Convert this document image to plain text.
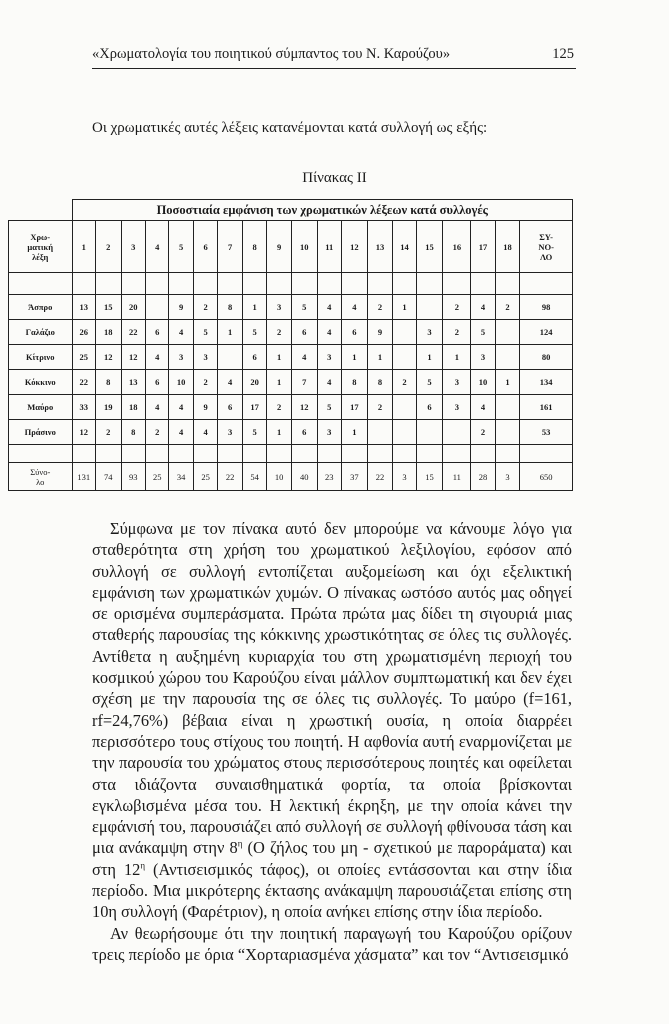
«Χρωματολογία του ποιητικού σύμπαντος του Ν. Καρούζου»	125
Οι χρωματικές αυτές λέξεις κατανέμονται κατά συλλογή ως εξής:
Πίνακας II
	Ποσοστιαία εμφάνιση των χρωματικών λέξεων κατά συλλογές																		
Χρω-
ματική
λέξη	1	2	3	4	5	6	7	8	9	10	11	12	13	14	15	16	17	18	ΣΥ-
ΝΟ-
ΛΟ

Άσπρο	13	15	20		9	2	8	1	3	5	4	4	2	1		2	4	2	98
Γαλάζιο	26	18	22	6	4	5	1	5	2	6	4	6	9		3	2	5		124
Κίτρινο	25	12	12	4	3	3		6	1	4	3	1	1		1	1	3		80
Κόκκινο	22	8	13	6	10	2	4	20	1	7	4	8	8	2	5	3	10	1	134
Μαύρο	33	19	18	4	4	9	6	17	2	12	5	17	2		6	3	4		161
Πράσινο	12	2	8	2	4	4	3	5	1	6	3	1					2		53

Σύνο-
λο	131	74	93	25	34	25	22	54	10	40	23	37	22	3	15	11	28	3	650

Σύμφωνα με τον πίνακα αυτό δεν μπορούμε να κάνουμε λόγο για σταθερότητα στη χρήση του χρωματικού λεξιλογίου, εφόσον από συλλογή σε συλλογή εντοπίζεται αυξομείωση και όχι εξελικτική εμφάνιση των χρωματικών χυμών. Ο πίνακας ωστόσο αυτός μας οδηγεί σε ορισμένα συμπεράσματα. Πρώτα πρώτα μας δίδει τη σιγουριά μιας σταθερής παρουσίας της κόκκινης χρωστικότητας σε όλες τις συλλογές. Αντίθετα η αυξημένη κυριαρχία του στη χρωματισμένη περιοχή του κοσμικού χώρου του Καρούζου είναι μάλλον συμπτωματική και δεν έχει σχέση με την παρουσία της σε όλες τις συλλογές. Το μαύρο (f=161, rf=24,76%) βέβαια είναι η χρωστική ουσία, η οποία διαρρέει περισσότερο τους στίχους του ποιητή. Η αφθονία αυτή εναρμονίζεται με την παρουσία του χρώματος στους περισσότερους ποιητές και οφείλεται στα ιδιάζοντα συναισθηματικά φορτία, τα οποία βρίσκονται εγκλωβισμένα μέσα του. Η λεκτική έκρηξη, με την οποία κάνει την εμφάνισή του, παρουσιάζει από συλλογή σε συλλογή φθίνουσα τάση και μια ανάκαμψη στην $8^\eta$ (Ο ζήλος του μη - σχετικού με παροράματα) και στη $12^\eta$ (Αντισεισμικός τάφος), οι οποίες εντάσσονται και στην ίδια περίοδο. Μια μικρότερης έκτασης ανάκαμψη παρουσιάζεται επίσης στη 10η συλλογή (Φαρέτριον), η οποία ανήκει επίσης στην ίδια περίοδο.

Αν θεωρήσουμε ότι την ποιητική παραγωγή του Καρούζου ορίζουν τρεις περίοδο με όρια “Χορταριασμένα χάσματα” και τον “Αντισεισμικό
